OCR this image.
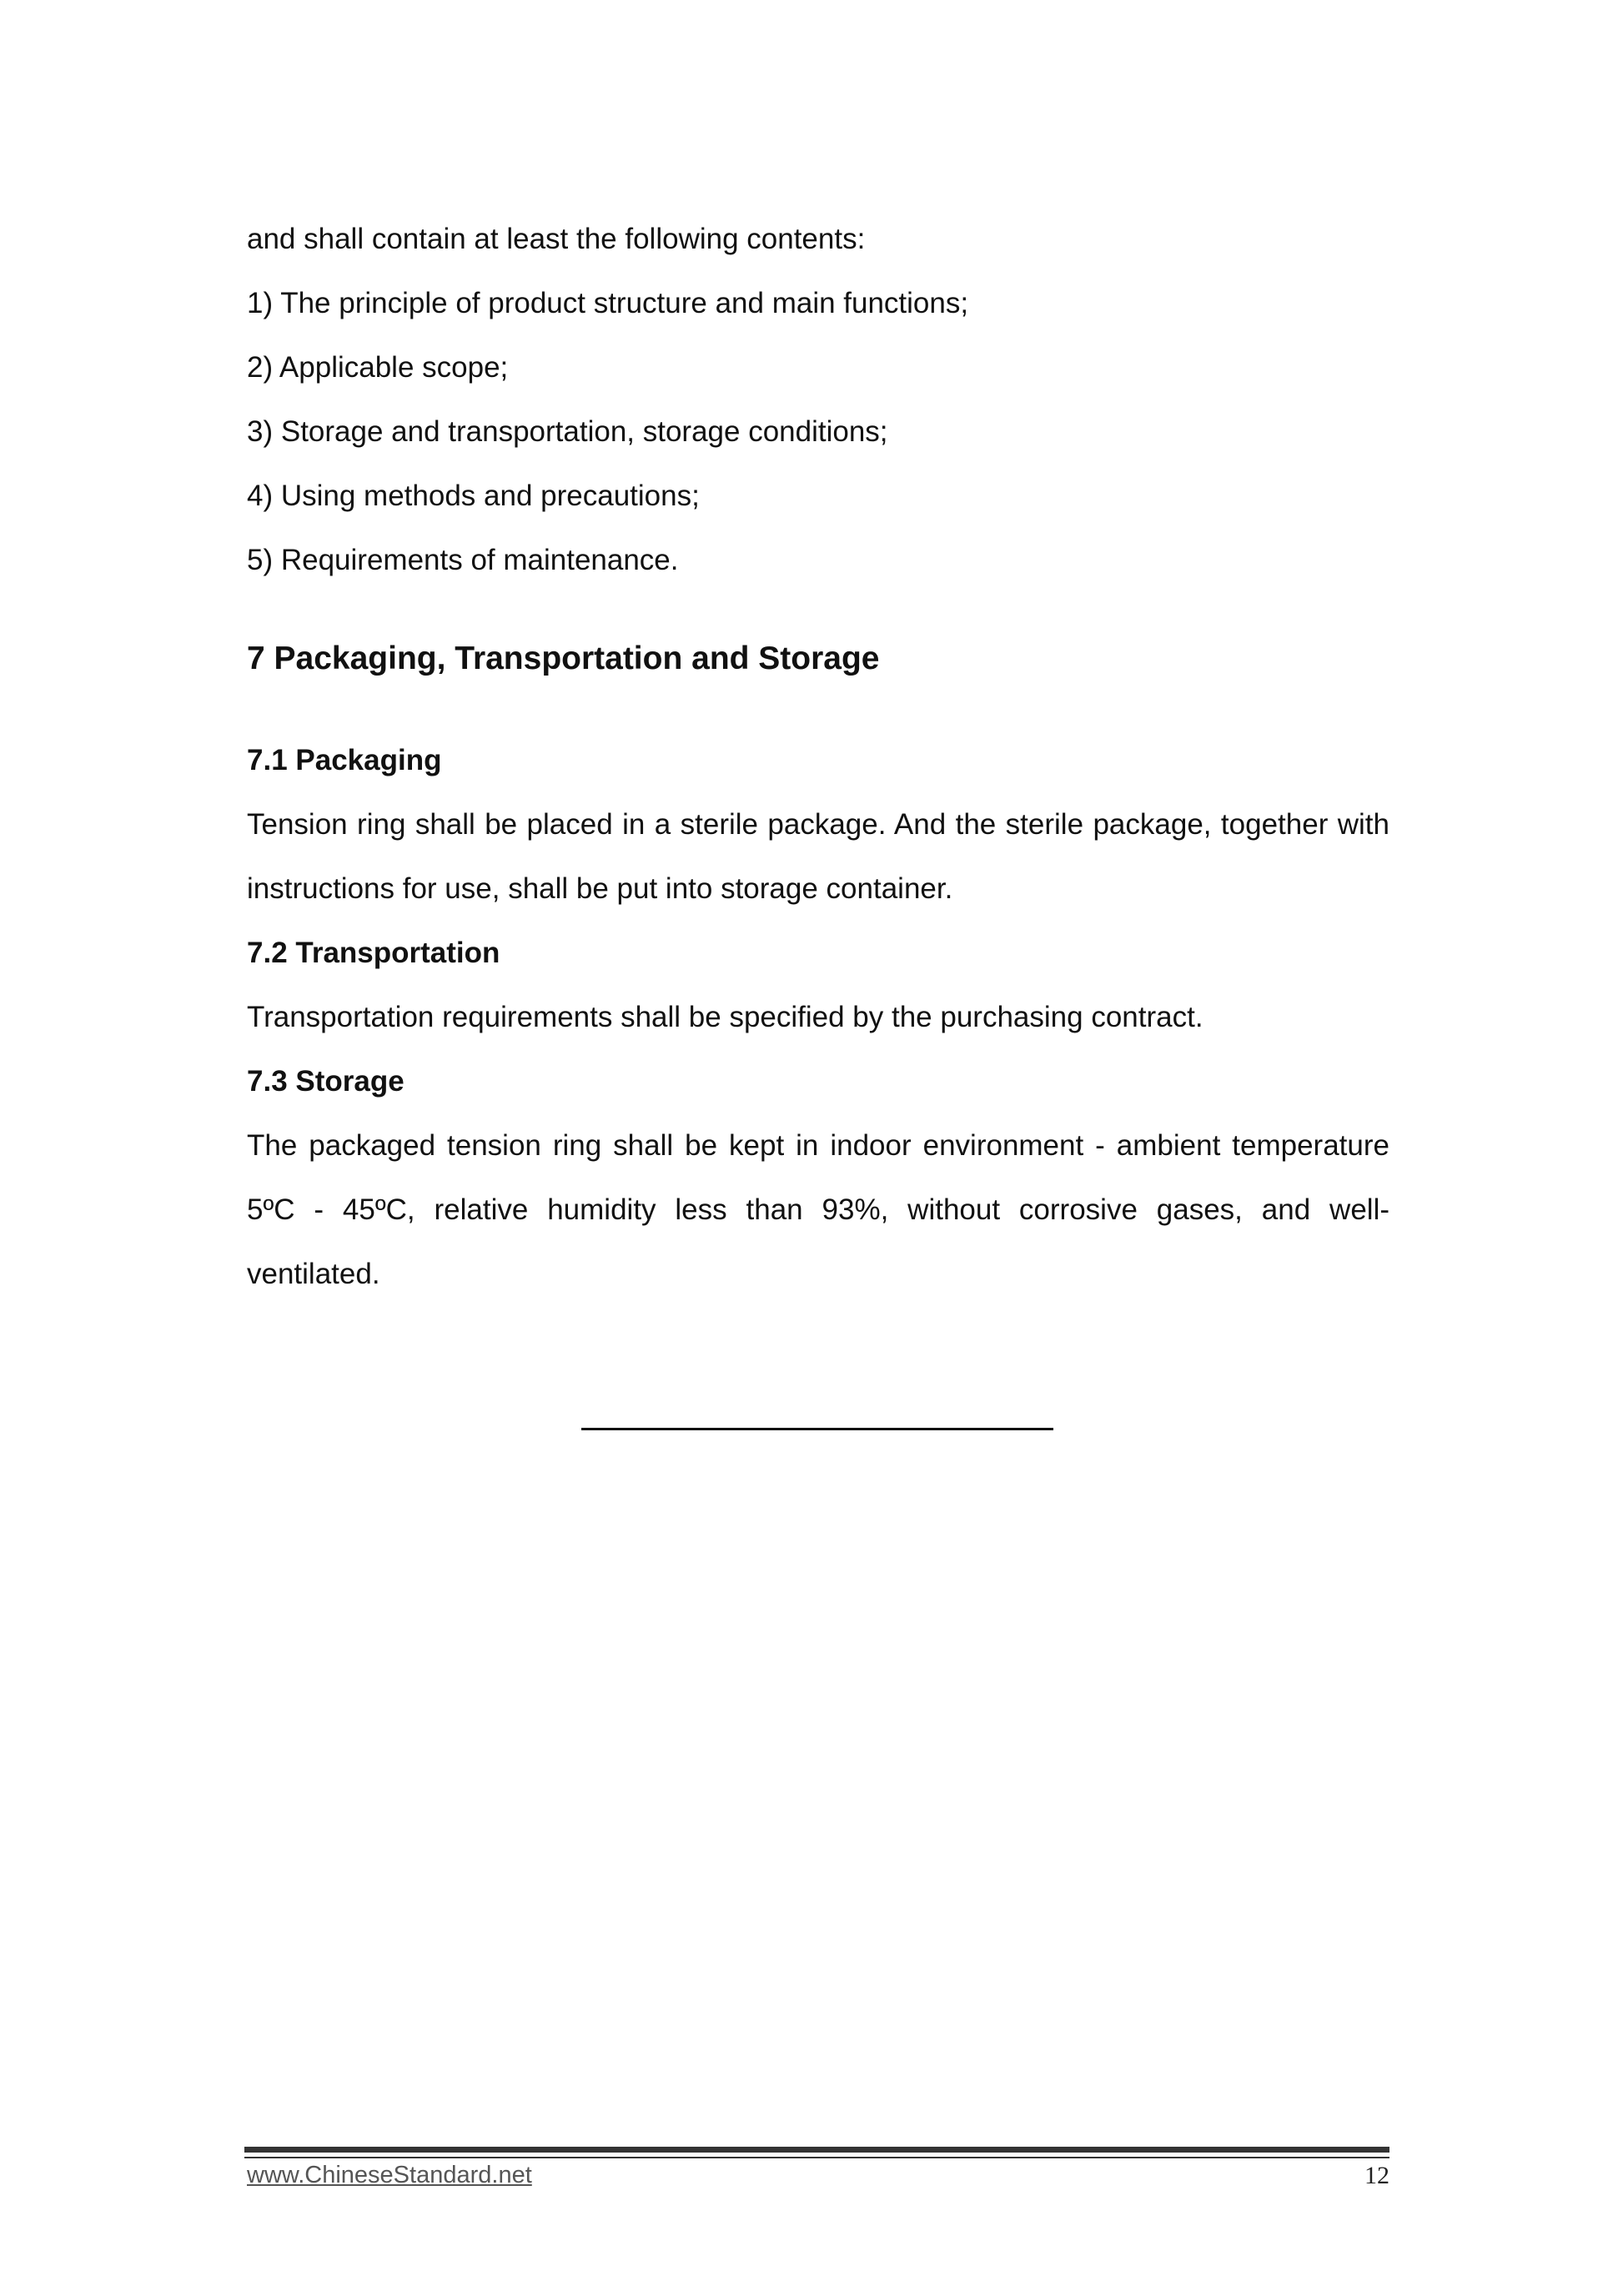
and shall contain at least the following contents:

1) The principle of product structure and main functions;

2) Applicable scope;

3) Storage and transportation, storage conditions;

4) Using methods and precautions;

5) Requirements of maintenance.

7 Packaging, Transportation and Storage
7.1 Packaging

Tension ring shall be placed in a sterile package. And the sterile package, together with instructions for use, shall be put into storage container.

7.2 Transportation

Transportation requirements shall be specified by the purchasing contract.

7.3 Storage

The packaged tension ring shall be kept in indoor environment - ambient temperature 5ºC - 45ºC, relative humidity less than 93%, without corrosive gases, and well-ventilated.

www.ChineseStandard.net	12
